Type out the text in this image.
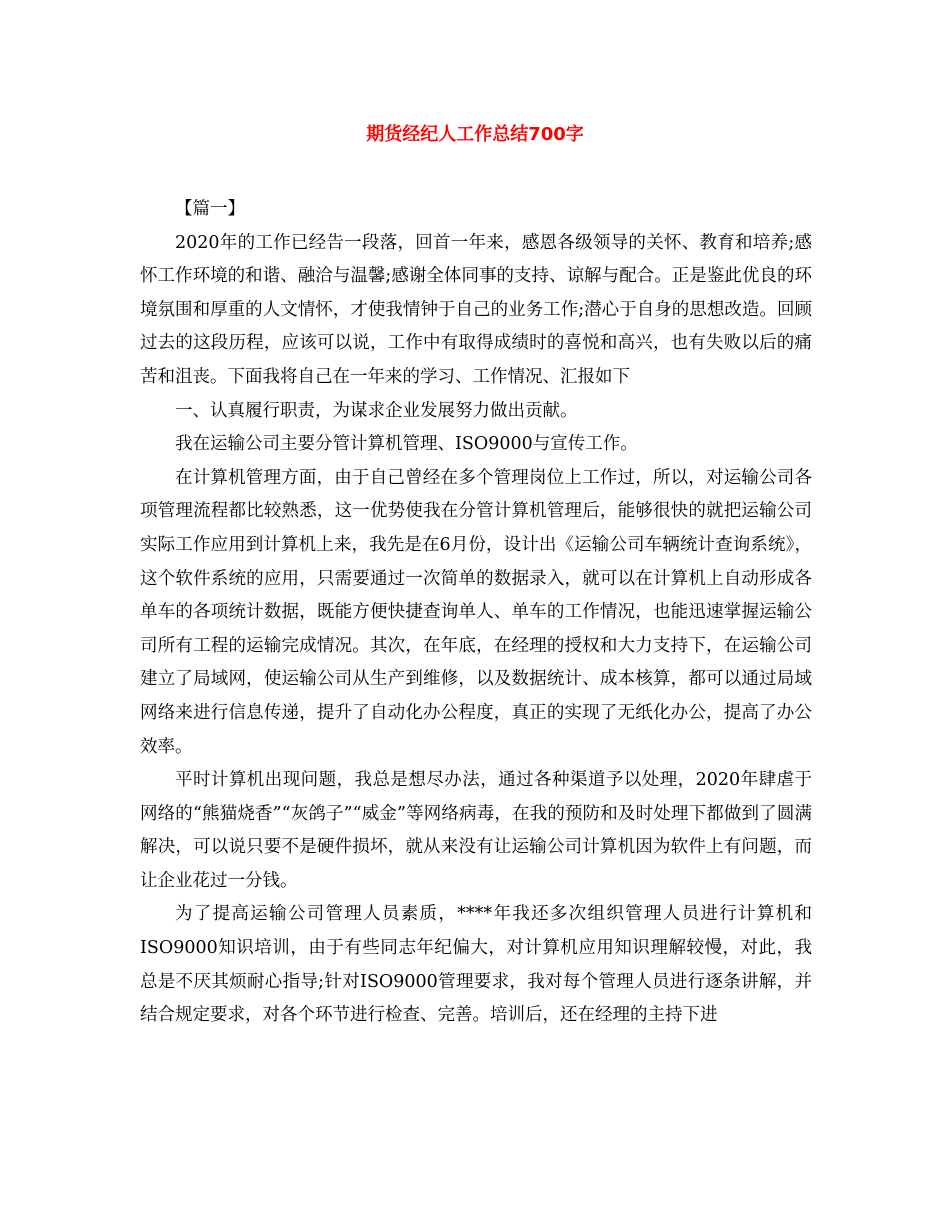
期货经纪人工作总结700字

【篇一】

2020年的工作已经告一段落，回首一年来，感恩各级领导的关怀、教育和培养;感怀工作环境的和谐、融洽与温馨;感谢全体同事的支持、谅解与配合。正是鉴此优良的环境氛围和厚重的人文情怀，才使我情钟于自己的业务工作;潜心于自身的思想改造。回顾过去的这段历程，应该可以说，工作中有取得成绩时的喜悦和高兴，也有失败以后的痛苦和沮丧。下面我将自己在一年来的学习、工作情况、汇报如下

一、认真履行职责，为谋求企业发展努力做出贡献。

我在运输公司主要分管计算机管理、ISO9000与宣传工作。

在计算机管理方面，由于自己曾经在多个管理岗位上工作过，所以，对运输公司各项管理流程都比较熟悉，这一优势使我在分管计算机管理后，能够很快的就把运输公司实际工作应用到计算机上来，我先是在6月份，设计出《运输公司车辆统计查询系统》，这个软件系统的应用，只需要通过一次简单的数据录入，就可以在计算机上自动形成各单车的各项统计数据，既能方便快捷查询单人、单车的工作情况，也能迅速掌握运输公司所有工程的运输完成情况。其次，在年底，在经理的授权和大力支持下，在运输公司建立了局域网，使运输公司从生产到维修，以及数据统计、成本核算，都可以通过局域网络来进行信息传递，提升了自动化办公程度，真正的实现了无纸化办公，提高了办公效率。

平时计算机出现问题，我总是想尽办法，通过各种渠道予以处理，2020年肆虐于网络的“熊猫烧香”“灰鸽子”“威金”等网络病毒，在我的预防和及时处理下都做到了圆满解决，可以说只要不是硬件损坏，就从来没有让运输公司计算机因为软件上有问题，而让企业花过一分钱。

为了提高运输公司管理人员素质，****年我还多次组织管理人员进行计算机和ISO9000知识培训，由于有些同志年纪偏大，对计算机应用知识理解较慢，对此，我总是不厌其烦耐心指导;针对ISO9000管理要求，我对每个管理人员进行逐条讲解，并结合规定要求，对各个环节进行检查、完善。培训后，还在经理的主持下进
